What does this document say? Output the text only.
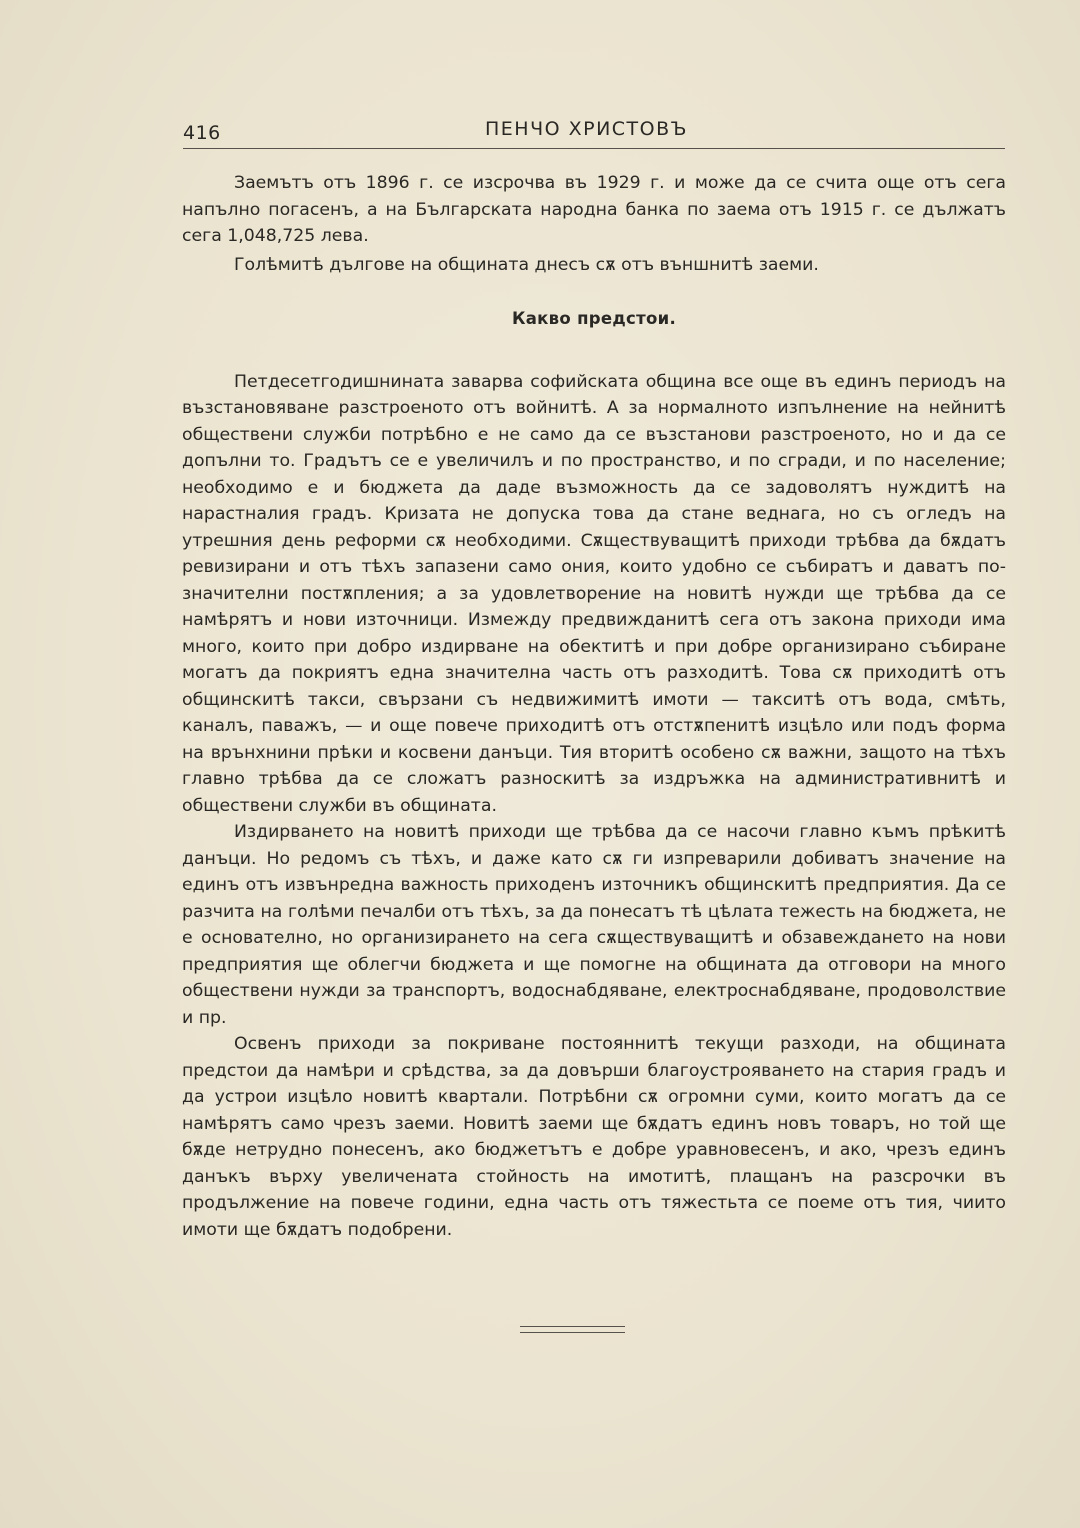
416	ПЕНЧО ХРИСТОВЪ

Заемътъ отъ 1896 г. се изсрочва въ 1929 г. и може да се счита още отъ сега напълно погасенъ, а на Българската народна банка по заема отъ 1915 г. се дължатъ сега 1,048,725 лева.

Голѣмитѣ дългове на общината днесъ сѫ отъ външнитѣ заеми.

Какво предстои.

Петдесетгодишнината заварва софийската община все още въ единъ периодъ на възстановяване разстроеното отъ войнитѣ. А за нормалното изпълнение на нейнитѣ обществени служби потрѣбно е не само да се възстанови разстроеното, но и да се допълни то. Градътъ се е увеличилъ и по пространство, и по сгради, и по население; необходимо е и бюджета да даде възможность да се задоволятъ нуждитѣ на нарастналия градъ. Кризата не допуска това да стане веднага, но съ огледъ на утрешния день реформи сѫ необходими. Сѫществуващитѣ приходи трѣбва да бѫдатъ ревизирани и отъ тѣхъ запазени само ония, които удобно се събиратъ и даватъ по-значителни постѫпления; а за удовлетворение на новитѣ нужди ще трѣбва да се намѣрятъ и нови източници. Измежду предвижданитѣ сега отъ закона приходи има много, които при добро издирване на обектитѣ и при добре организирано събиране могатъ да покриятъ една значителна часть отъ разходитѣ. Това сѫ приходитѣ отъ общинскитѣ такси, свързани съ недвижимитѣ имоти — такситѣ отъ вода, смѣть, каналъ, паважъ, — и още повече приходитѣ отъ отстѫпенитѣ изцѣло или подъ форма на врънхнини прѣки и косвени данъци. Тия вторитѣ особено сѫ важни, защото на тѣхъ главно трѣбва да се сложатъ разноскитѣ за издръжка на административнитѣ и обществени служби въ общината.

Издирването на новитѣ приходи ще трѣбва да се насочи главно къмъ прѣкитѣ данъци. Но редомъ съ тѣхъ, и даже като сѫ ги изпреварили добиватъ значение на единъ отъ извънредна важность приходенъ източникъ общинскитѣ предприятия. Да се разчита на голѣми печалби отъ тѣхъ, за да понесатъ тѣ цѣлата тежесть на бюджета, не е основателно, но организирането на сега сѫществуващитѣ и обзавеждането на нови предприятия ще облегчи бюджета и ще помогне на общината да отговори на много обществени нужди за транспортъ, водоснабдяване, електроснабдяване, продоволствие и пр.

Освенъ приходи за покриване постояннитѣ текущи разходи, на общината предстои да намѣри и срѣдства, за да довърши благоустрояването на стария градъ и да устрои изцѣло новитѣ квартали. Потрѣбни сѫ огромни суми, които могатъ да се намѣрятъ само чрезъ заеми. Новитѣ заеми ще бѫдатъ единъ новъ товаръ, но той ще бѫде нетрудно понесенъ, ако бюджетътъ е добре уравновесенъ, и ако, чрезъ единъ данъкъ върху увеличената стойность на имотитѣ, плащанъ на разсрочки въ продължение на повече години, една часть отъ тяжестьта се поеме отъ тия, чиито имоти ще бѫдатъ подобрени.
